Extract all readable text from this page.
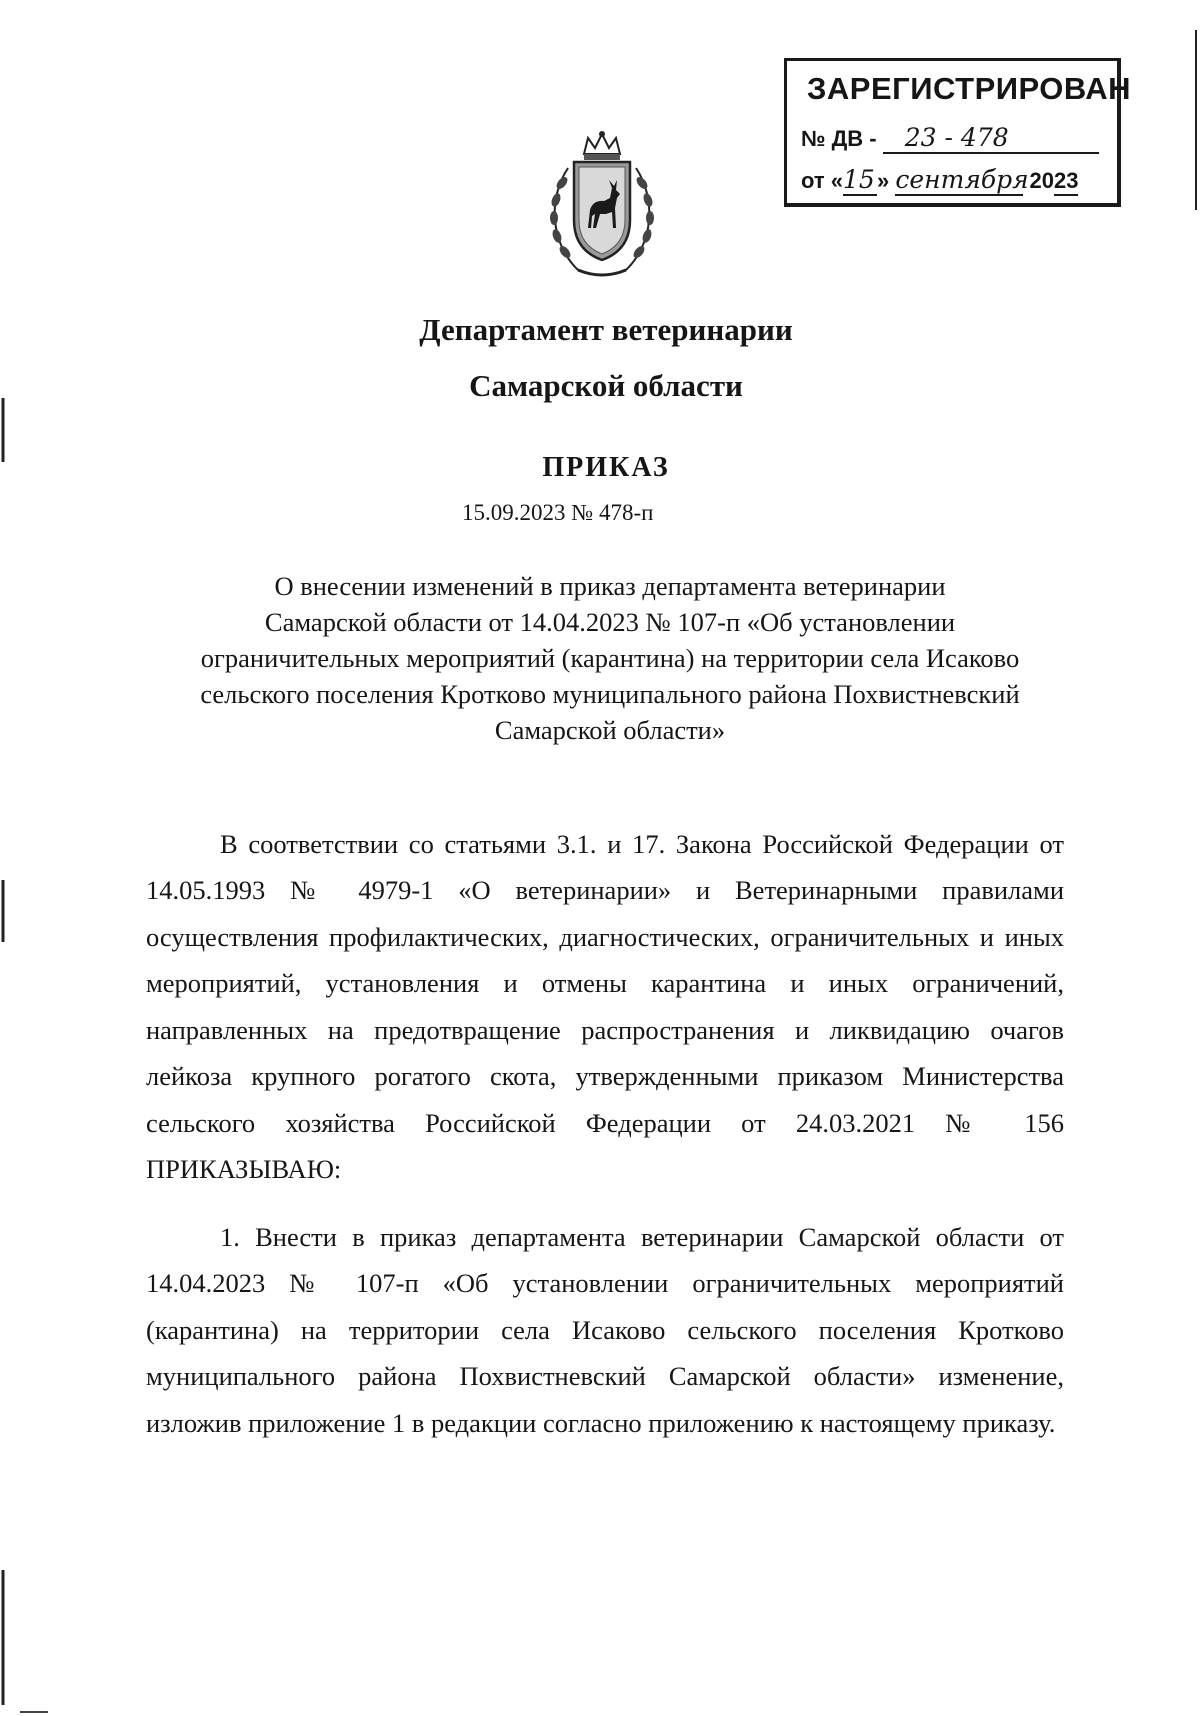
ЗАРЕГИСТРИРОВАН
№ ДВ - 23 - 478
от «15» сентября 2023
Департамент ветеринарии
Самарской области
ПРИКАЗ
15.09.2023 № 478-п
О внесении изменений в приказ департамента ветеринарии
Самарской области от 14.04.2023 № 107-п «Об установлении
ограничительных мероприятий (карантина) на территории села Исаково
сельского поселения Кротково муниципального района Похвистневский
Самарской области»

В соответствии со статьями 3.1. и 17. Закона Российской Федерации от 14.05.1993 № 4979-1 «О ветеринарии» и Ветеринарными правилами осуществления профилактических, диагностических, ограничительных и иных мероприятий, установления и отмены карантина и иных ограничений, направленных на предотвращение распространения и ликвидацию очагов лейкоза крупного рогатого скота, утвержденными приказом Министерства сельского хозяйства Российской Федерации от 24.03.2021 № 156 ПРИКАЗЫВАЮ:

1. Внести в приказ департамента ветеринарии Самарской области от 14.04.2023 № 107-п «Об установлении ограничительных мероприятий (карантина) на территории села Исаково сельского поселения Кротково муниципального района Похвистневский Самарской области» изменение, изложив приложение 1 в редакции согласно приложению к настоящему приказу.
